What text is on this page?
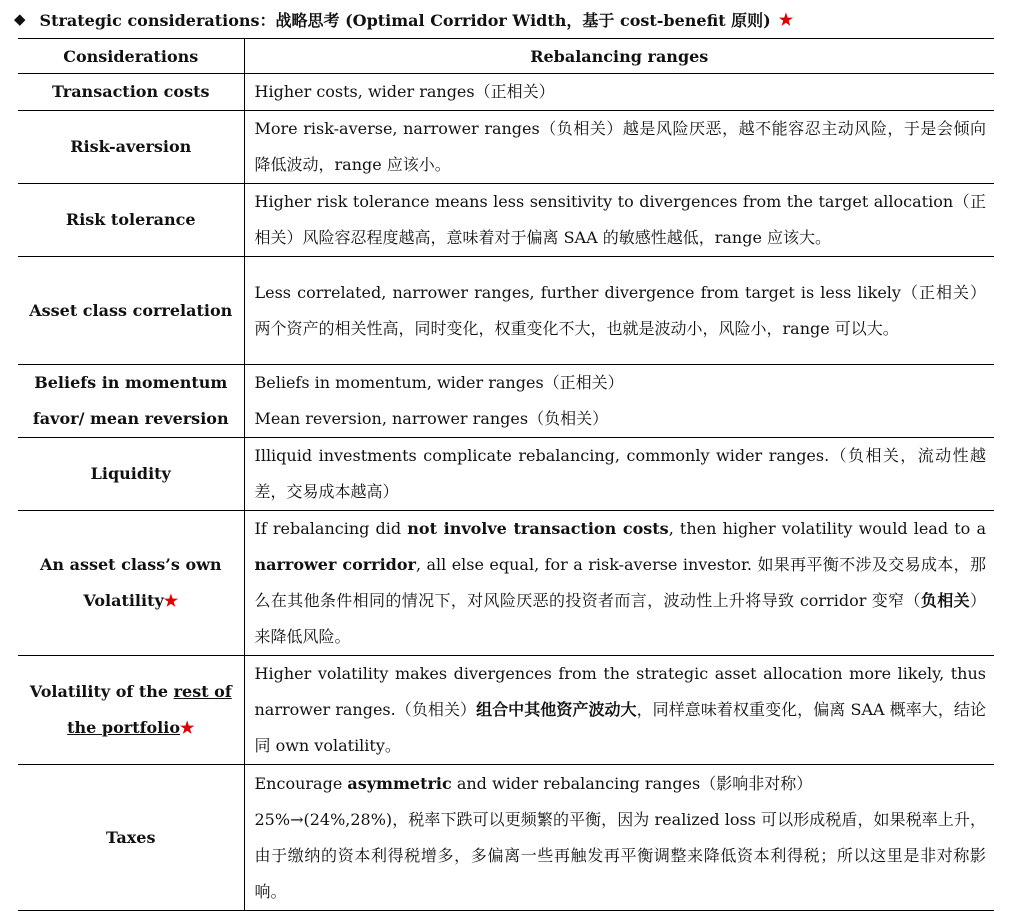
◆ Strategic considerations：战略思考 (Optimal Corridor Width，基于 cost-benefit 原则) ★
Considerations	Rebalancing ranges
Transaction costs	Higher costs, wider ranges（正相关）
Risk-aversion	More risk-averse, narrower ranges（负相关）越是风险厌恶，越不能容忍主动风险，于是会倾向降低波动，range 应该小。
Risk tolerance	Higher risk tolerance means less sensitivity to divergences from the target allocation（正相关）风险容忍程度越高，意味着对于偏离 SAA 的敏感性越低，range 应该大。
Asset class correlation	Less correlated, narrower ranges, further divergence from target is less likely（正相关）两个资产的相关性高，同时变化，权重变化不大，也就是波动小，风险小，range 可以大。

Beliefs in momentum
favor/ mean reversion	Beliefs in momentum, wider ranges（正相关）
Mean reversion, narrower ranges（负相关）

Liquidity	Illiquid investments complicate rebalancing, commonly wider ranges.（负相关，流动性越差，交易成本越高）

An asset class’s own
Volatility★	If rebalancing did not involve transaction costs, then higher volatility would lead to a narrower corridor, all else equal, for a risk-averse investor. 如果再平衡不涉及交易成本，那么在其他条件相同的情况下，对风险厌恶的投资者而言，波动性上升将导致 corridor 变窄（负相关）来降低风险。

Volatility of the rest of
the portfolio★	Higher volatility makes divergences from the strategic asset allocation more likely, thus narrower ranges.（负相关）组合中其他资产波动大，同样意味着权重变化，偏离 SAA 概率大，结论同 own volatility。
Taxes	Encourage asymmetric and wider rebalancing ranges（影响非对称）
25%→(24%,28%)，税率下跌可以更频繁的平衡，因为 realized loss 可以形成税盾，如果税率上升，由于缴纳的资本利得税增多，多偏离一些再触发再平衡调整来降低资本利得税；所以这里是非对称影响。
